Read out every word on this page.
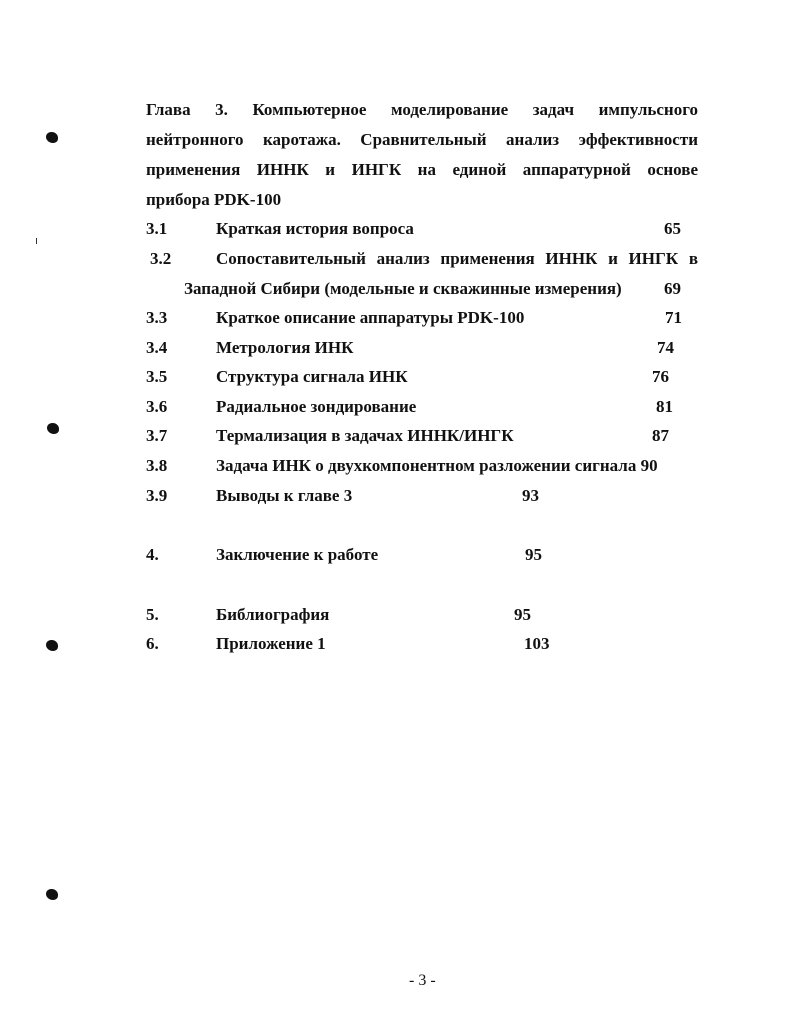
Глава 3. Компьютерное моделирование задач импульсного
нейтронного каротажа. Сравнительный анализ эффективности
применения ИННК и ИНГК на единой аппаратурной основе
прибора PDK-100
3.1	Краткая история вопроса	65
3.2	Сопоставительный анализ применения ИННК и ИНГК в
Западной Сибири (модельные и скважинные измерения) 69
3.3	Краткое описание аппаратуры PDK-100	71
3.4	Метрология ИНК	74
3.5	Структура сигнала ИНК	76
3.6	Радиальное зондирование	81
3.7	Термализация в задачах ИННК/ИНГК	87
3.8	Задача ИНК о двухкомпонентном разложении сигнала 90
3.9	Выводы к главе 3	93
4.	Заключение к работе	95
5.	Библиография	95
6.	Приложение 1	103
- 3 -
